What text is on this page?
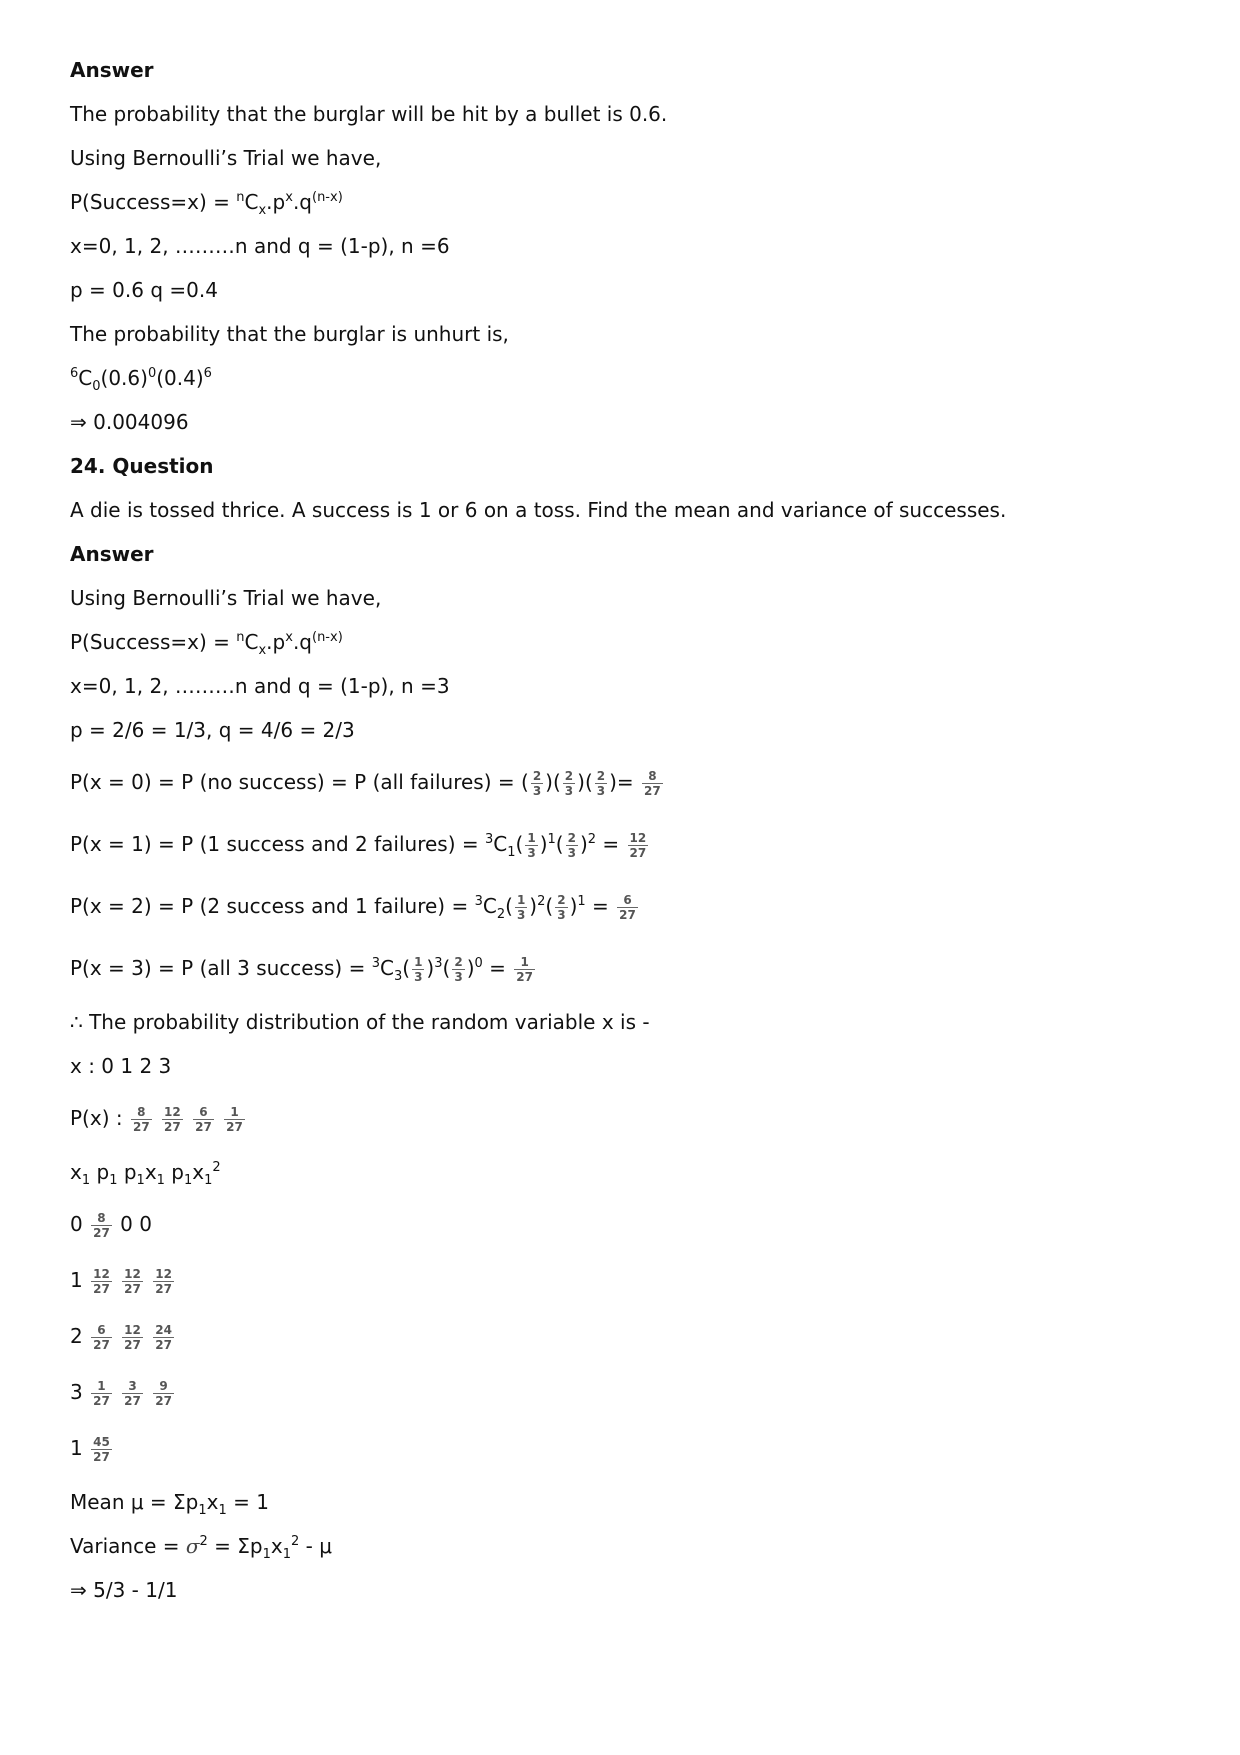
Answer
The probability that the burglar will be hit by a bullet is 0.6.
Using Bernoulli’s Trial we have,
P(Success=x) = $^nC_x.p^x.q^{(n-x)}$
x=0, 1, 2, ………n and q = (1-p), n =6
p = 0.6 q =0.4
The probability that the burglar is unhurt is,
$^6C_0(0.6)^0(0.4)^6$
⇒ 0.004096
24. Question
A die is tossed thrice. A success is 1 or 6 on a toss. Find the mean and variance of successes.
Answer
Using Bernoulli’s Trial we have,
P(Success=x) = $^nC_x.p^x.q^{(n-x)}$
x=0, 1, 2, ………n and q = (1-p), n =3
p = 2/6 = 1/3, q = 4/6 = 2/3
P(x = 0) = P (no success) = P (all failures) = ( $\frac{2}{3}$ )( $\frac{2}{3}$ )( $\frac{2}{3}$ )= $\frac{8}{27}$
P(x = 1) = P (1 success and 2 failures) = $^3C_1( \frac{1}{3} )^1( \frac{2}{3} )^2 = \frac{12}{27}$
P(x = 2) = P (2 success and 1 failure) = $^3C_2( \frac{1}{3} )^2( \frac{2}{3} )^1 = \frac{6}{27}$
P(x = 3) = P (all 3 success) = $^3C_3( \frac{1}{3} )^3( \frac{2}{3} )^0 = \frac{1}{27}$
∴ The probability distribution of the random variable x is -
x : 0 1 2 3
P(x) : $\frac{8}{27}$
$\frac{12}{27}$
$\frac{6}{27}$
$\frac{1}{27}$
$x_1$ $p_1$ $p_1x_1$ $p_1x_1^2$
$0 \frac{8}{27} 0$ 0
$1 \frac{12}{27}$
$\frac{12}{27}$
$\frac{12}{27}$
$2 \frac{6}{27}$
$\frac{12}{27}$
$\frac{24}{27}$
$3 \frac{1}{27}$
$\frac{3}{27}$
$\frac{9}{27}$
$1 \frac{45}{27}$
Mean $\mu = \Sigma p_1x_1 = 1$
Variance = $\sigma^2 = \Sigma p_1x_1^2 - \mu$
⇒ 5/3 - 1/1
